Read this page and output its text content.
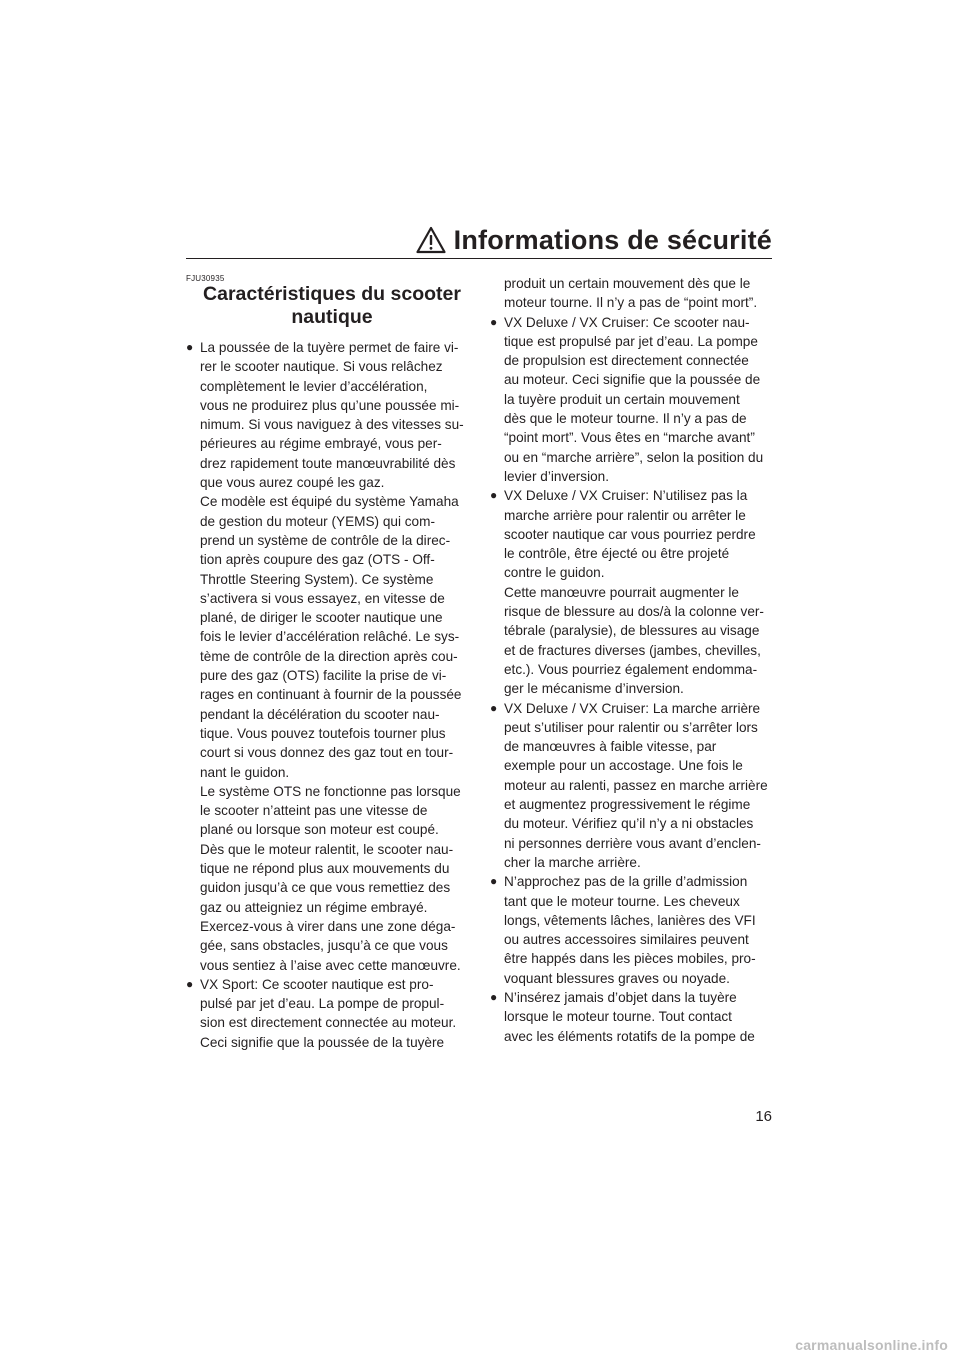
Informations de sécurité
FJU30935
Caractéristiques du scooter
nautique
● La poussée de la tuyère permet de faire vi-
rer le scooter nautique. Si vous relâchez
complètement le levier d’accélération,
vous ne produirez plus qu’une poussée mi-
nimum. Si vous naviguez à des vitesses su-
périeures au régime embrayé, vous per-
drez rapidement toute manœuvrabilité dès
que vous aurez coupé les gaz.

Ce modèle est équipé du système Yamaha
de gestion du moteur (YEMS) qui com-
prend un système de contrôle de la direc-
tion après coupure des gaz (OTS - Off-
Throttle Steering System). Ce système
s’activera si vous essayez, en vitesse de
plané, de diriger le scooter nautique une
fois le levier d’accélération relâché. Le sys-
tème de contrôle de la direction après cou-
pure des gaz (OTS) facilite la prise de vi-
rages en continuant à fournir de la poussée
pendant la décélération du scooter nau-
tique. Vous pouvez toutefois tourner plus
court si vous donnez des gaz tout en tour-
nant le guidon.

Le système OTS ne fonctionne pas lorsque
le scooter n’atteint pas une vitesse de
plané ou lorsque son moteur est coupé.
Dès que le moteur ralentit, le scooter nau-
tique ne répond plus aux mouvements du
guidon jusqu’à ce que vous remettiez des
gaz ou atteigniez un régime embrayé.

Exercez-vous à virer dans une zone déga-
gée, sans obstacles, jusqu’à ce que vous
vous sentiez à l’aise avec cette manœuvre.

● VX Sport: Ce scooter nautique est pro-
pulsé par jet d’eau. La pompe de propul-
sion est directement connectée au moteur.
Ceci signifie que la poussée de la tuyère

produit un certain mouvement dès que le
moteur tourne. Il n’y a pas de “point mort”.

● VX Deluxe / VX Cruiser: Ce scooter nau-
tique est propulsé par jet d’eau. La pompe
de propulsion est directement connectée
au moteur. Ceci signifie que la poussée de
la tuyère produit un certain mouvement
dès que le moteur tourne. Il n’y a pas de
“point mort”. Vous êtes en “marche avant”
ou en “marche arrière”, selon la position du
levier d’inversion.

● VX Deluxe / VX Cruiser: N’utilisez pas la
marche arrière pour ralentir ou arrêter le
scooter nautique car vous pourriez perdre
le contrôle, être éjecté ou être projeté
contre le guidon.

Cette manœuvre pourrait augmenter le
risque de blessure au dos/à la colonne ver-
tébrale (paralysie), de blessures au visage
et de fractures diverses (jambes, chevilles,
etc.). Vous pourriez également endomma-
ger le mécanisme d’inversion.

● VX Deluxe / VX Cruiser: La marche arrière
peut s’utiliser pour ralentir ou s’arrêter lors
de manœuvres à faible vitesse, par
exemple pour un accostage. Une fois le
moteur au ralenti, passez en marche arrière
et augmentez progressivement le régime
du moteur. Vérifiez qu’il n’y a ni obstacles
ni personnes derrière vous avant d’enclen-
cher la marche arrière.

● N’approchez pas de la grille d’admission
tant que le moteur tourne. Les cheveux
longs, vêtements lâches, lanières des VFI
ou autres accessoires similaires peuvent
être happés dans les pièces mobiles, pro-
voquant blessures graves ou noyade.

● N’insérez jamais d’objet dans la tuyère
lorsque le moteur tourne. Tout contact
avec les éléments rotatifs de la pompe de

16
carmanualsonline.info
